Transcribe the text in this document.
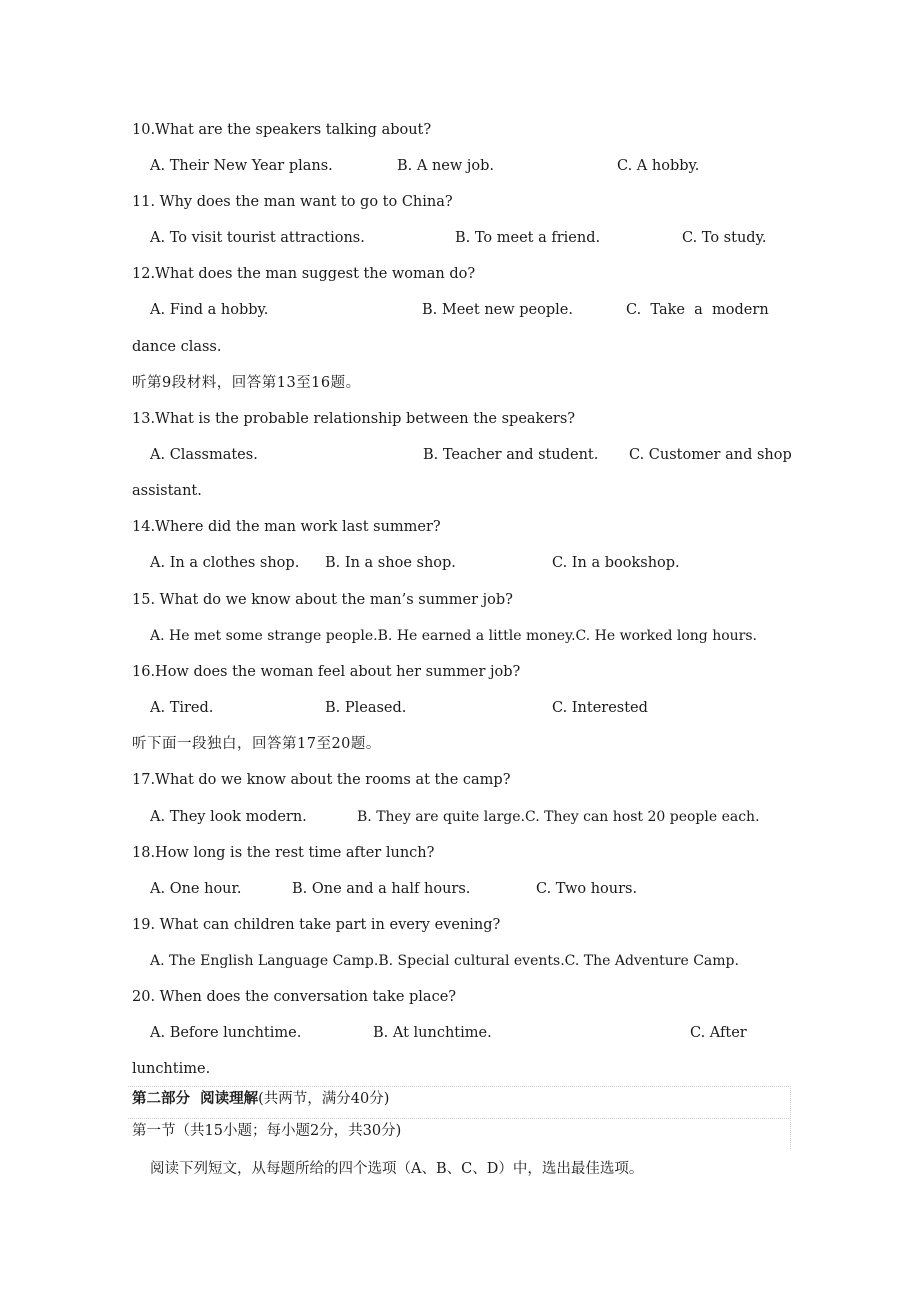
10.What are the speakers talking about?
A. Their New Year plans.	B. A new job.	C. A hobby.
11. Why does the man want to go to China?
A. To visit tourist attractions.	B. To meet a friend.	C. To study.
12.What does the man suggest the woman do?
A. Find a hobby.	B. Meet new people.	C.  Take  a  modern
dance class.
听第9段材料，回答第13至16题。
13.What is the probable relationship between the speakers?
A. Classmates.	B. Teacher and student. C. Customer and shop
assistant.
14.Where did the man work last summer?
A. In a clothes shop. B. In a shoe shop.	C. In a bookshop.
15. What do we know about the man’s summer job?
A. He met some strange people.B. He earned a little money.C. He worked long hours.
16.How does the woman feel about her summer job?
A. Tired.	B. Pleased.	C. Interested
听下面一段独白，回答第17至20题。
17.What do we know about the rooms at the camp?
A. They look modern.	B. They are quite large.C. They can host 20 people each.
18.How long is the rest time after lunch?
A. One hour.	B. One and a half hours.	C. Two hours.
19. What can children take part in every evening?
A. The English Language Camp.B. Special cultural events.C. The Adventure Camp.
20. When does the conversation take place?
A. Before lunchtime.	B. At lunchtime.	C. After
lunchtime.
第二部分  阅读理解(共两节，满分40分)
第一节（共15小题；每小题2分，共30分)
阅读下列短文，从每题所给的四个选项（A、B、C、D）中，选出最佳选项。
